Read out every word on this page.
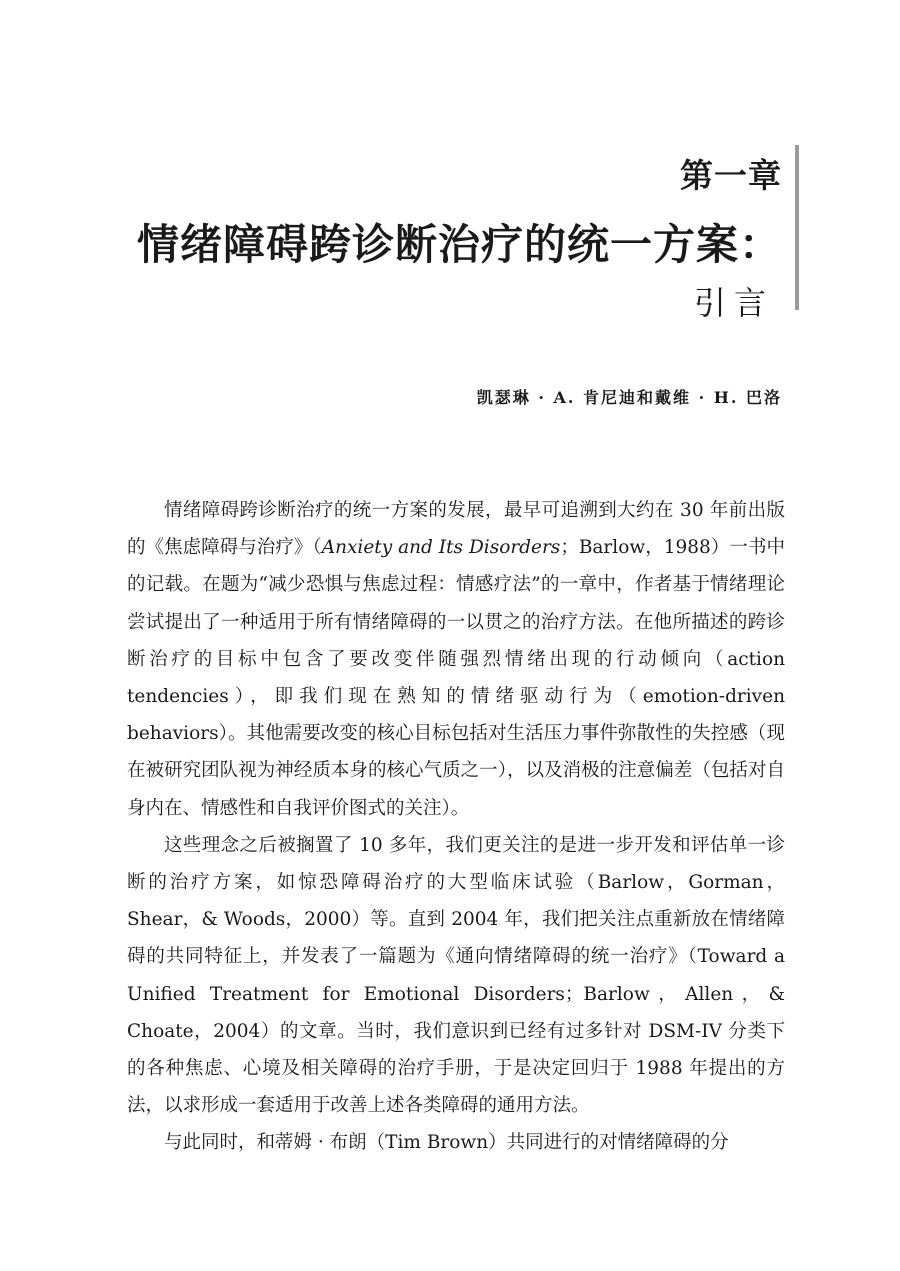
第一章
情绪障碍跨诊断治疗的统一方案：
引言

凯瑟琳 · A. 肯尼迪和戴维 · H. 巴洛

情绪障碍跨诊断治疗的统一方案的发展，最早可追溯到大约在 30 年前出版的《焦虑障碍与治疗》（Anxiety and Its Disorders；Barlow，1988）一书中的记载。在题为“减少恐惧与焦虑过程：情感疗法”的一章中，作者基于情绪理论尝试提出了一种适用于所有情绪障碍的一以贯之的治疗方法。在他所描述的跨诊断治疗的目标中包含了要改变伴随强烈情绪出现的行动倾向（action tendencies），即我们现在熟知的情绪驱动行为（emotion-driven behaviors）。其他需要改变的核心目标包括对生活压力事件弥散性的失控感（现在被研究团队视为神经质本身的核心气质之一），以及消极的注意偏差（包括对自身内在、情感性和自我评价图式的关注）。

这些理念之后被搁置了 10 多年，我们更关注的是进一步开发和评估单一诊断的治疗方案，如惊恐障碍治疗的大型临床试验（Barlow，Gorman，Shear，& Woods，2000）等。直到 2004 年，我们把关注点重新放在情绪障碍的共同特征上，并发表了一篇题为《通向情绪障碍的统一治疗》（Toward a Unified Treatment for Emotional Disorders；Barlow，Allen，& Choate，2004）的文章。当时，我们意识到已经有过多针对 DSM-IV 分类下的各种焦虑、心境及相关障碍的治疗手册，于是决定回归于 1988 年提出的方法，以求形成一套适用于改善上述各类障碍的通用方法。

与此同时，和蒂姆 · 布朗（Tim Brown）共同进行的对情绪障碍的分
